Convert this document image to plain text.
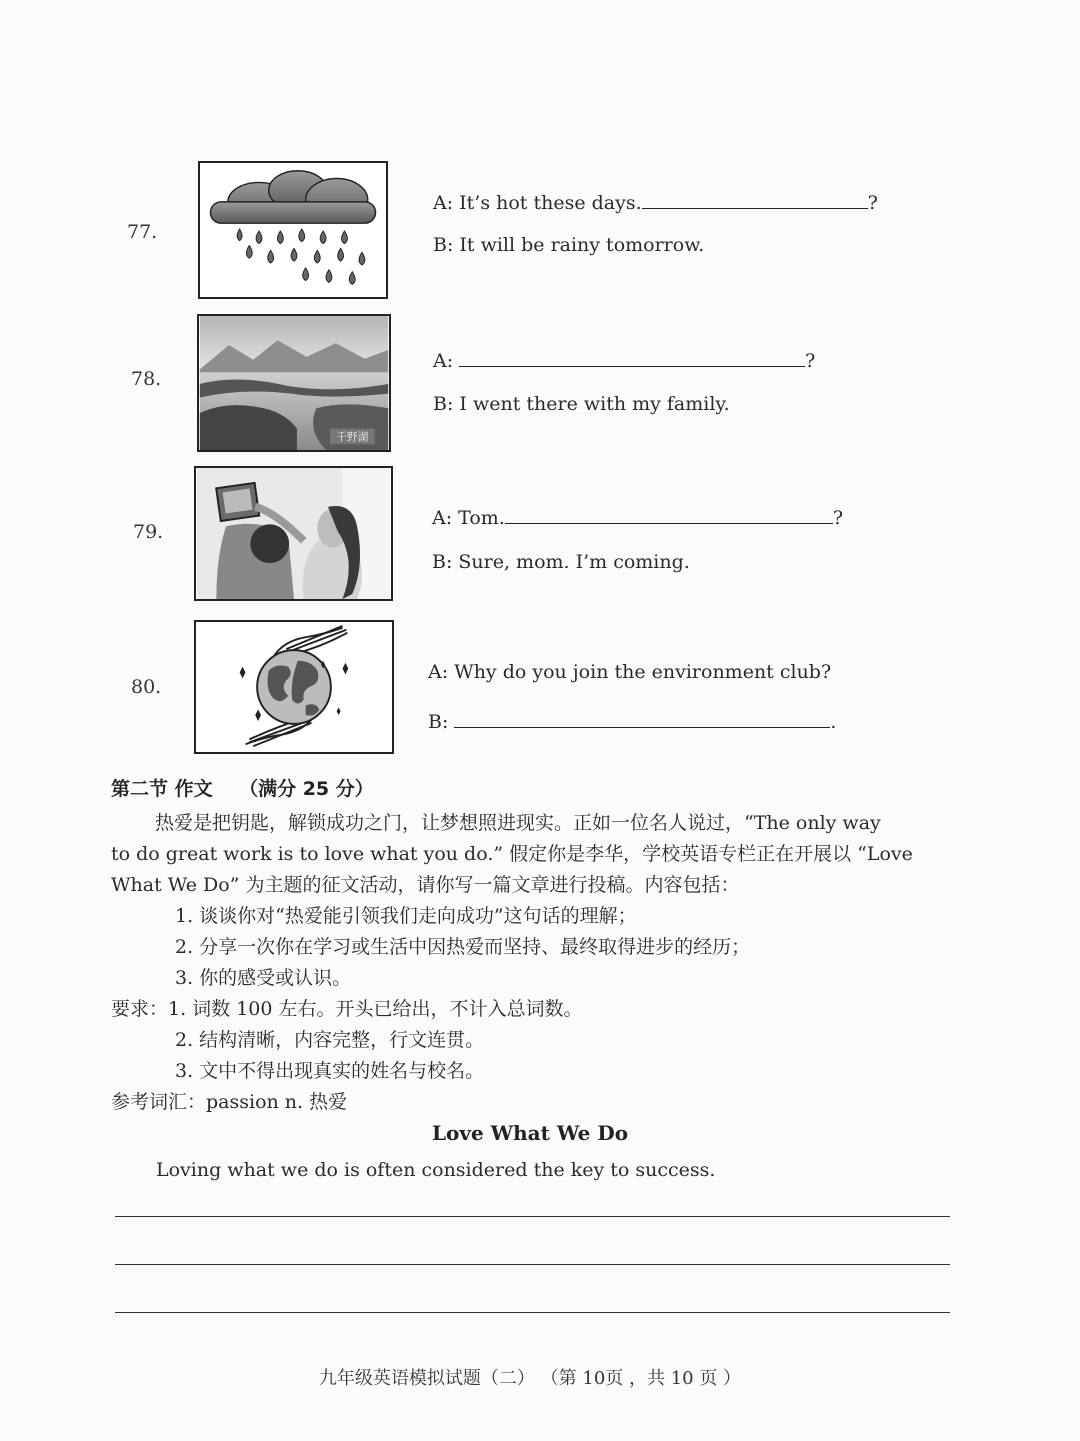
77.
A: It’s hot these days.	?
B: It will be rainy tomorrow.
78.
千野湖
A:	?
B: I went there with my family.
79.
A: Tom.	?
B: Sure, mom. I’m coming.
80.
A: Why do you join the environment club?
B:	.
第二节 作文 （满分 25 分）
热爱是把钥匙，解锁成功之门，让梦想照进现实。正如一位名人说过，“The only way
to do great work is to love what you do.” 假定你是李华，学校英语专栏正在开展以 “Love
What We Do” 为主题的征文活动，请你写一篇文章进行投稿。内容包括：
1. 谈谈你对“热爱能引领我们走向成功”这句话的理解；
2. 分享一次你在学习或生活中因热爱而坚持、最终取得进步的经历；
3. 你的感受或认识。
要求：1. 词数 100 左右。开头已给出，不计入总词数。
2. 结构清晰，内容完整，行文连贯。
3. 文中不得出现真实的姓名与校名。
参考词汇：passion n. 热爱
Love What We Do
Loving what we do is often considered the key to success.
九年级英语模拟试题（二） （第 10页 ，共 10 页 ）
